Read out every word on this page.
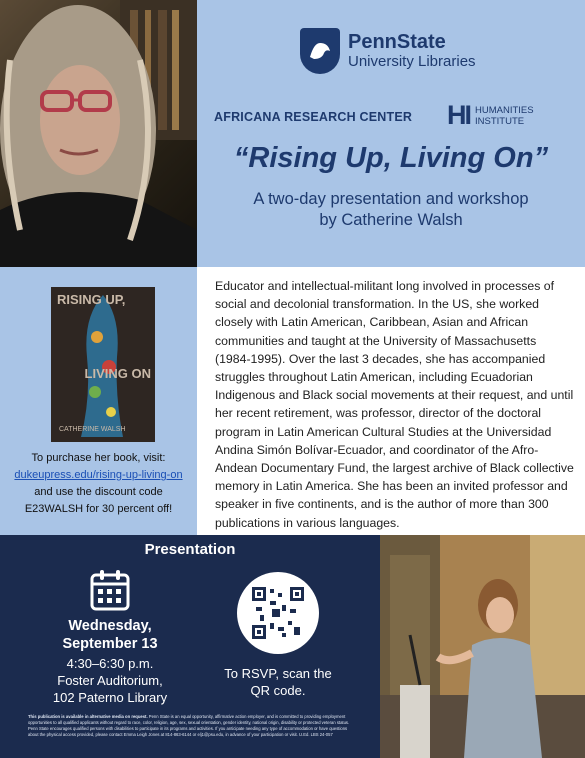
PennState
University Libraries
AFRICANA RESEARCH CENTER HI HUMANITIES
INSTITUTE
“Rising Up, Living On”
A two-day presentation and workshop
by Catherine Walsh
RISING UP,
LIVING ON
CATHERINE WALSH
To purchase her book, visit:
dukeupress.edu/rising-up-living-on
and use the discount code
E23WALSH for 30 percent off!
Educator and intellectual-militant long involved in processes of social and decolonial transformation. In the US, she worked closely with Latin American, Caribbean, Asian and African communities and taught at the University of Massachusetts (1984-1995). Over the last 3 decades, she has accompanied struggles throughout Latin American, including Ecuadorian Indigenous and Black social movements at their request, and until her recent retirement, was professor, director of the doctoral program in Latin American Cultural Studies at the Universidad Andina Simón Bolívar-Ecuador, and coordinator of the Afro-Andean Documentary Fund, the largest archive of Black collective memory in Latin America. She has been an invited professor and speaker in five continents, and is the author of more than 300 publications in various languages.
Presentation
Wednesday,
September 13
4:30–6:30 p.m.
Foster Auditorium,
102 Paterno Library
To RSVP, scan the
QR code.
This publication is available in alternative media on request. Penn State is an equal opportunity, affirmative action employer, and is committed to providing employment opportunities to all qualified applicants without regard to race, color, religion, age, sex, sexual orientation, gender identity, national origin, disability or protected veteran status. Penn State encourages qualified persons with disabilities to participate in its programs and activities. If you anticipate needing any type of accommodation or have questions about the physical access provided, please contact Emma Leigh Jones at 814-863-6144 or elj1@psu.edu, in advance of your participation or visit. U.Ed. LBS 24-057
